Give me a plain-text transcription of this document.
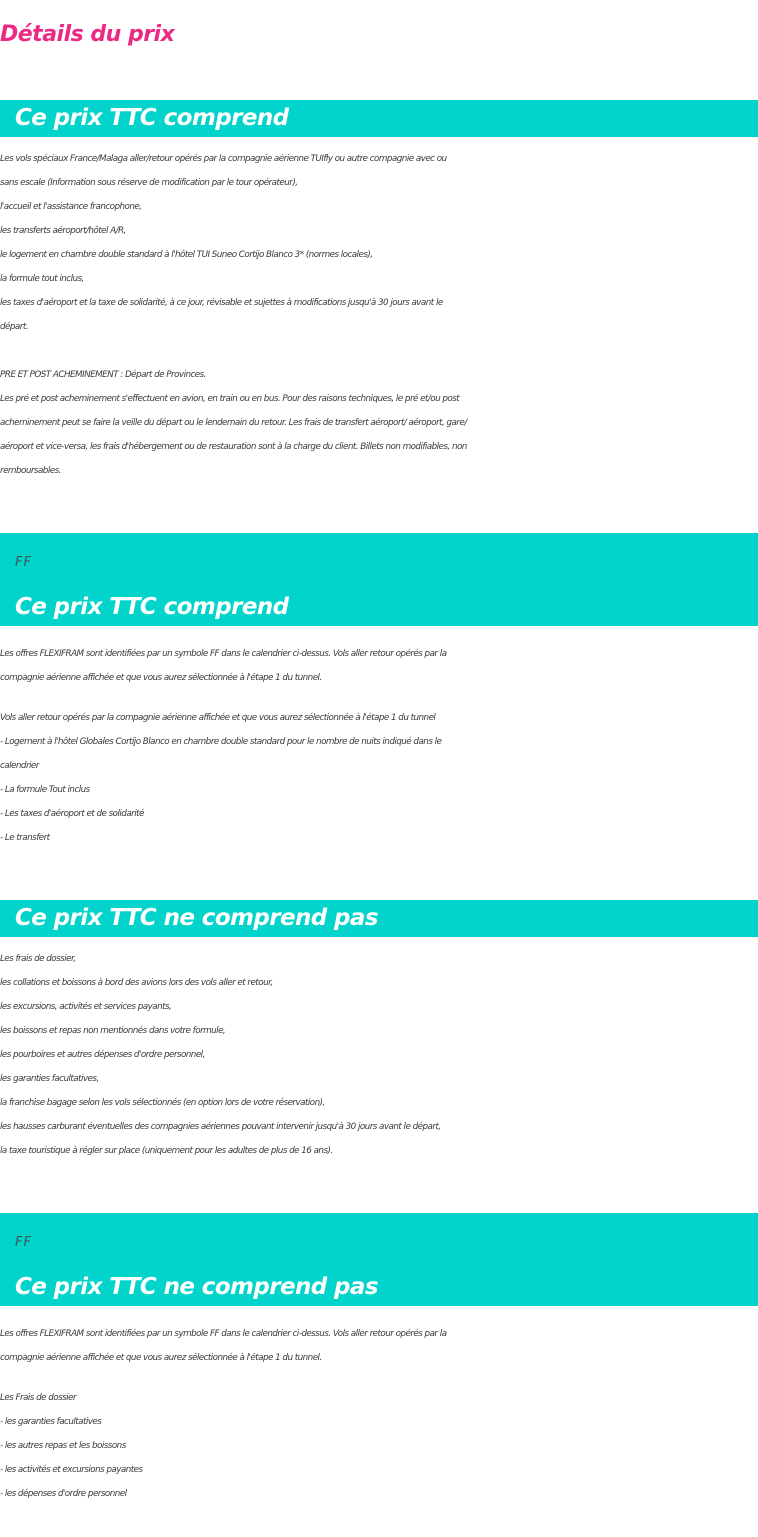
Détails du prix
Ce prix TTC comprend
Les vols spéciaux France/Malaga aller/retour opérés par la compagnie aérienne TUIfly ou autre compagnie avec ou
sans escale (Information sous réserve de modification par le tour opérateur),
l'accueil et l'assistance francophone,
les transferts aéroport/hôtel A/R,
le logement en chambre double standard à l'hôtel TUI Suneo Cortijo Blanco 3* (normes locales),
la formule tout inclus,
les taxes d'aéroport et la taxe de solidarité, à ce jour, révisable et sujettes à modifications jusqu'à 30 jours avant le
départ.
PRE ET POST ACHEMINEMENT : Départ de Provinces.
Les pré et post acheminement s'effectuent en avion, en train ou en bus. Pour des raisons techniques, le pré et/ou post
acheminement peut se faire la veille du départ ou le lendemain du retour. Les frais de transfert aéroport/ aéroport, gare/
aéroport et vice-versa, les frais d'hébergement ou de restauration sont à la charge du client. Billets non modifiables, non
remboursables.
FF
Ce prix TTC comprend
Les offres FLEXIFRAM sont identifiées par un symbole FF dans le calendrier ci-dessus. Vols aller retour opérés par la
compagnie aérienne affichée et que vous aurez sélectionnée à l'étape 1 du tunnel.
Vols aller retour opérés par la compagnie aérienne affichée et que vous aurez sélectionnée à l'étape 1 du tunnel
- Logement à l'hôtel Globales Cortijo Blanco en chambre double standard pour le nombre de nuits indiqué dans le
calendrier
- La formule Tout inclus
- Les taxes d'aéroport et de solidarité
- Le transfert
Ce prix TTC ne comprend pas
Les frais de dossier,
les collations et boissons à bord des avions lors des vols aller et retour,
les excursions, activités et services payants,
les boissons et repas non mentionnés dans votre formule,
les pourboires et autres dépenses d'ordre personnel,
les garanties facultatives,
la franchise bagage selon les vols sélectionnés (en option lors de votre réservation),
les hausses carburant éventuelles des compagnies aériennes pouvant intervenir jusqu'à 30 jours avant le départ,
la taxe touristique à régler sur place (uniquement pour les adultes de plus de 16 ans).
FF
Ce prix TTC ne comprend pas
Les offres FLEXIFRAM sont identifiées par un symbole FF dans le calendrier ci-dessus. Vols aller retour opérés par la
compagnie aérienne affichée et que vous aurez sélectionnée à l'étape 1 du tunnel.
Les Frais de dossier
- les garanties facultatives
- les autres repas et les boissons
- les activités et excursions payantes
- les dépenses d'ordre personnel
